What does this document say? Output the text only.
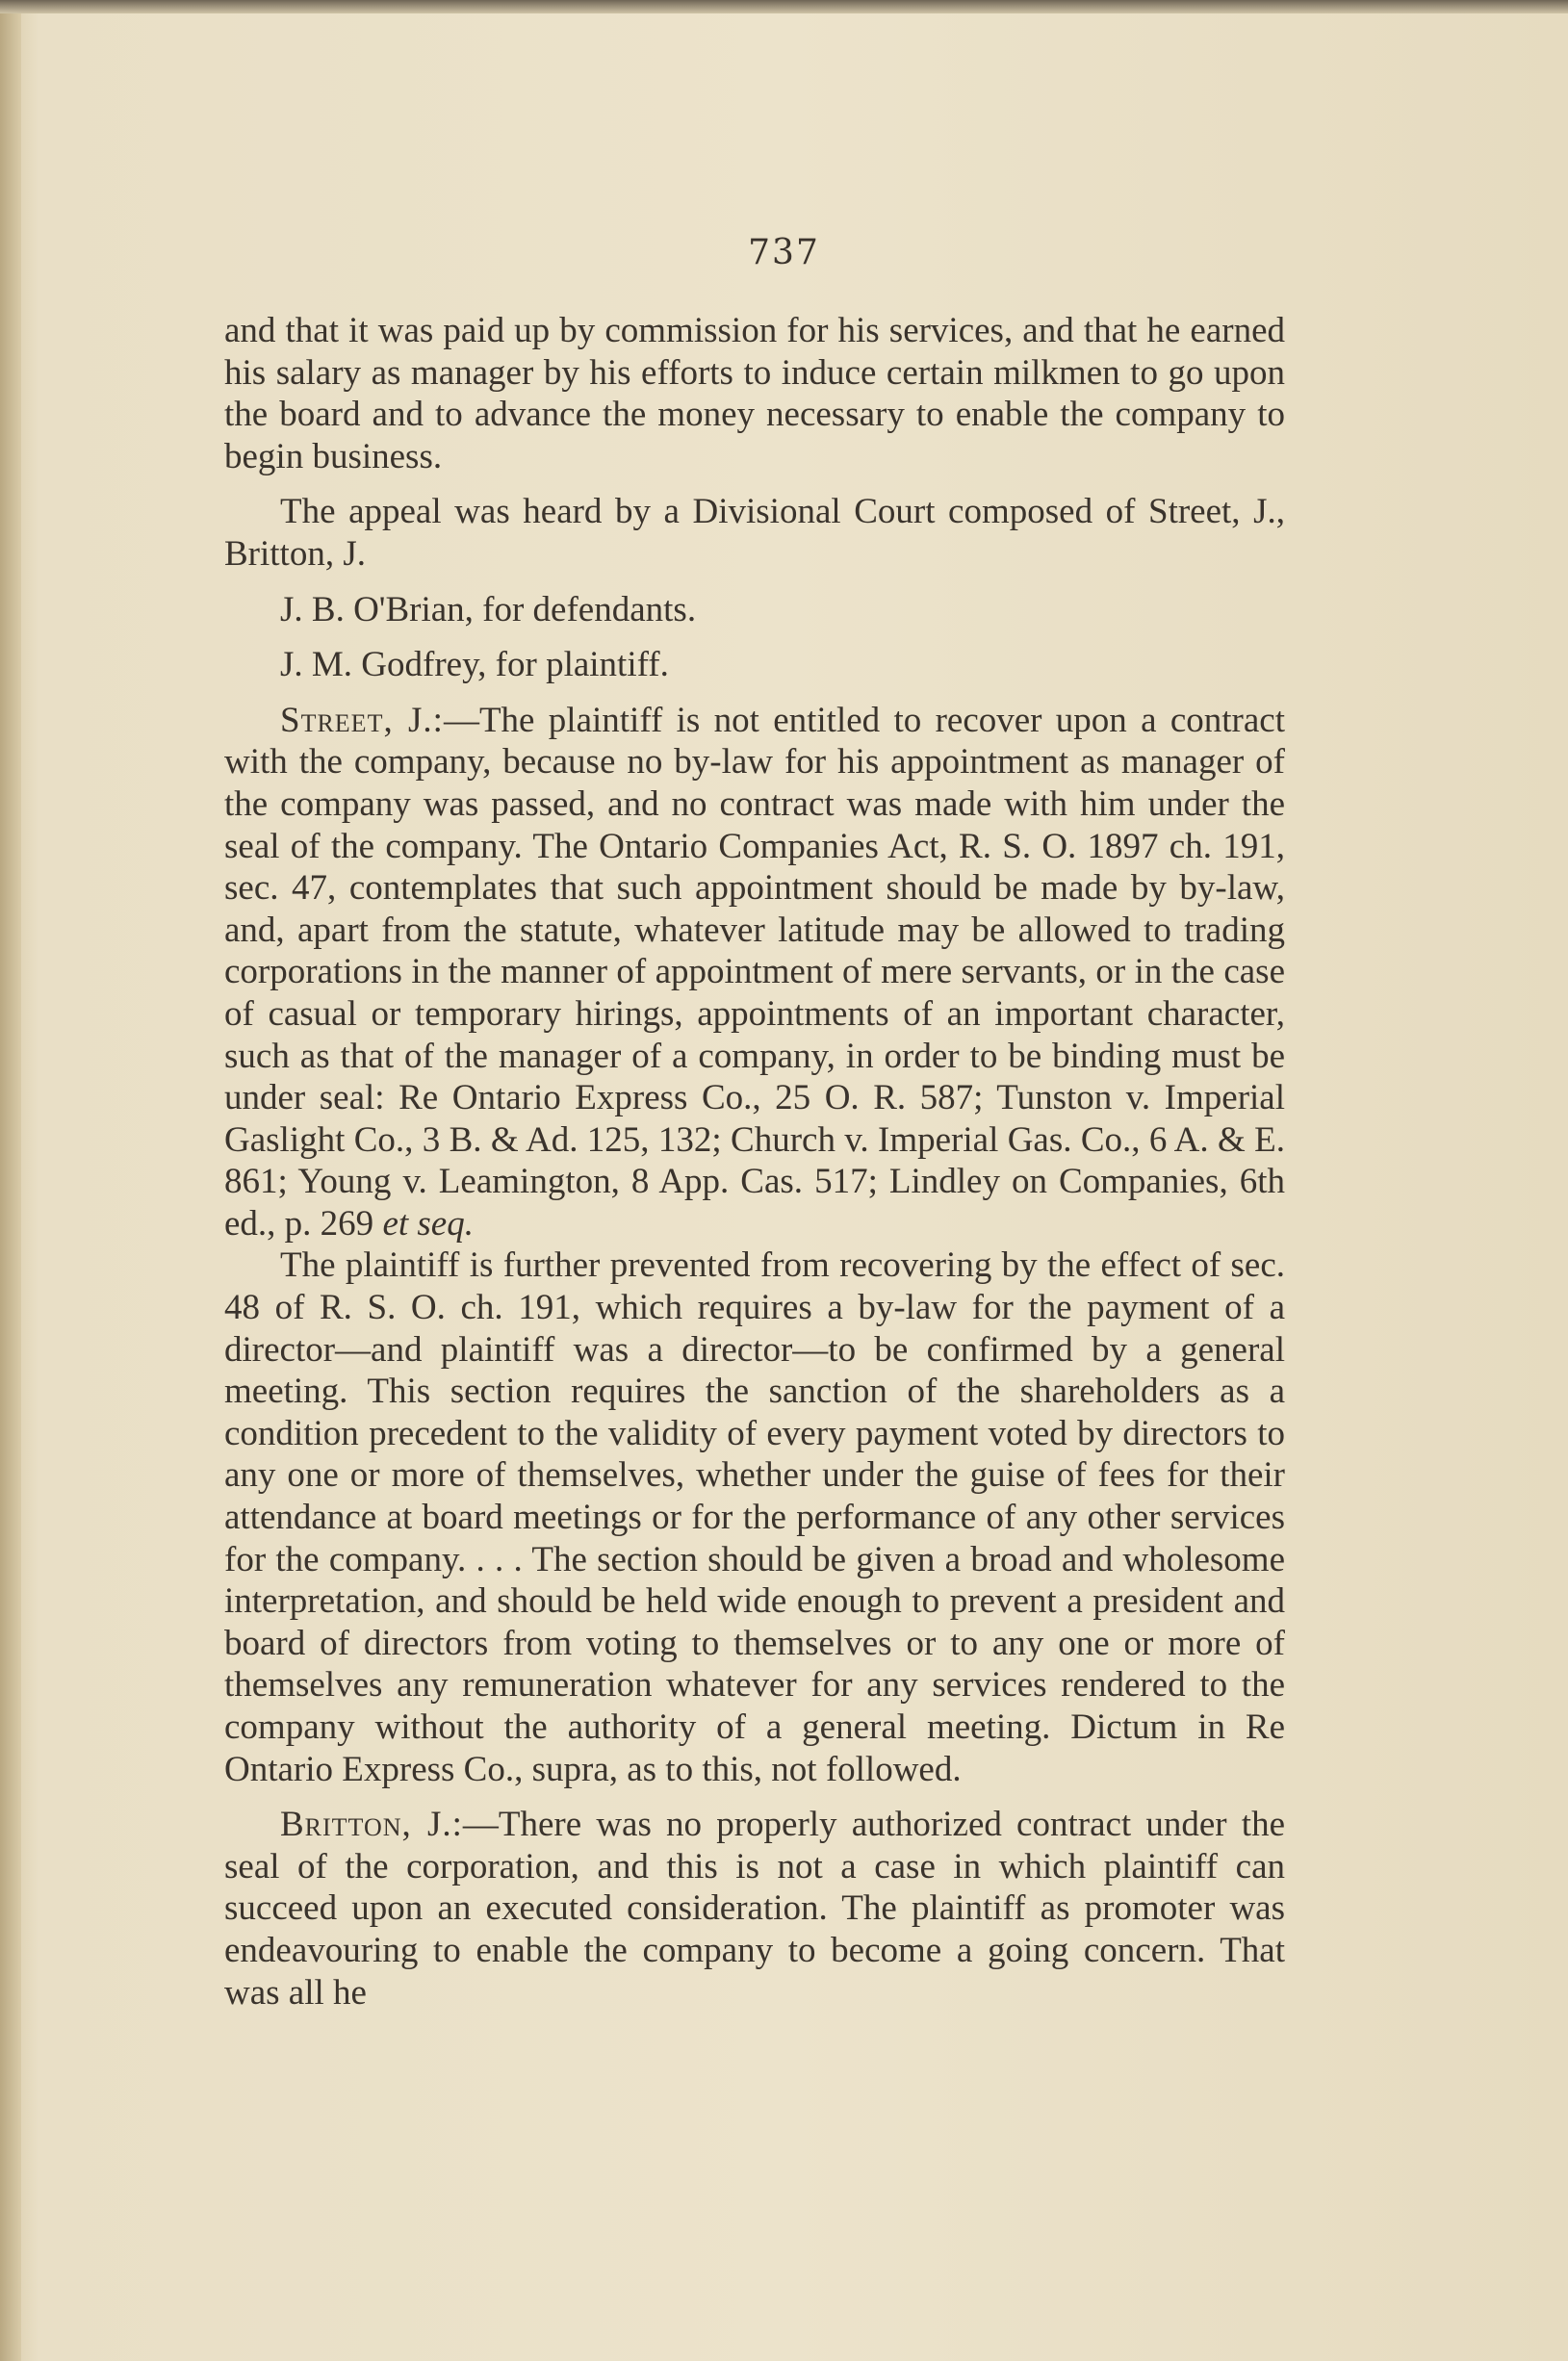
737

and that it was paid up by commission for his services, and that he earned his salary as manager by his efforts to induce certain milkmen to go upon the board and to advance the money necessary to enable the company to begin business.

The appeal was heard by a Divisional Court composed of Street, J., Britton, J.

J. B. O'Brian, for defendants.

J. M. Godfrey, for plaintiff.

Street, J.:—The plaintiff is not entitled to recover upon a contract with the company, because no by-law for his appointment as manager of the company was passed, and no contract was made with him under the seal of the company. The Ontario Companies Act, R. S. O. 1897 ch. 191, sec. 47, contemplates that such appointment should be made by by-law, and, apart from the statute, whatever latitude may be allowed to trading corporations in the manner of appointment of mere servants, or in the case of casual or temporary hirings, appointments of an important character, such as that of the manager of a company, in order to be binding must be under seal: Re Ontario Express Co., 25 O. R. 587; Tunston v. Imperial Gaslight Co., 3 B. & Ad. 125, 132; Church v. Imperial Gas. Co., 6 A. & E. 861; Young v. Leamington, 8 App. Cas. 517; Lindley on Companies, 6th ed., p. 269 et seq.

The plaintiff is further prevented from recovering by the effect of sec. 48 of R. S. O. ch. 191, which requires a by-law for the payment of a director—and plaintiff was a director—to be confirmed by a general meeting. This section requires the sanction of the shareholders as a condition precedent to the validity of every payment voted by directors to any one or more of themselves, whether under the guise of fees for their attendance at board meetings or for the performance of any other services for the company. . . . The section should be given a broad and wholesome interpretation, and should be held wide enough to prevent a president and board of directors from voting to themselves or to any one or more of themselves any remuneration whatever for any services rendered to the company without the authority of a general meeting. Dictum in Re Ontario Express Co., supra, as to this, not followed.

Britton, J.:—There was no properly authorized contract under the seal of the corporation, and this is not a case in which plaintiff can succeed upon an executed consideration. The plaintiff as promoter was endeavouring to enable the company to become a going concern. That was all he
